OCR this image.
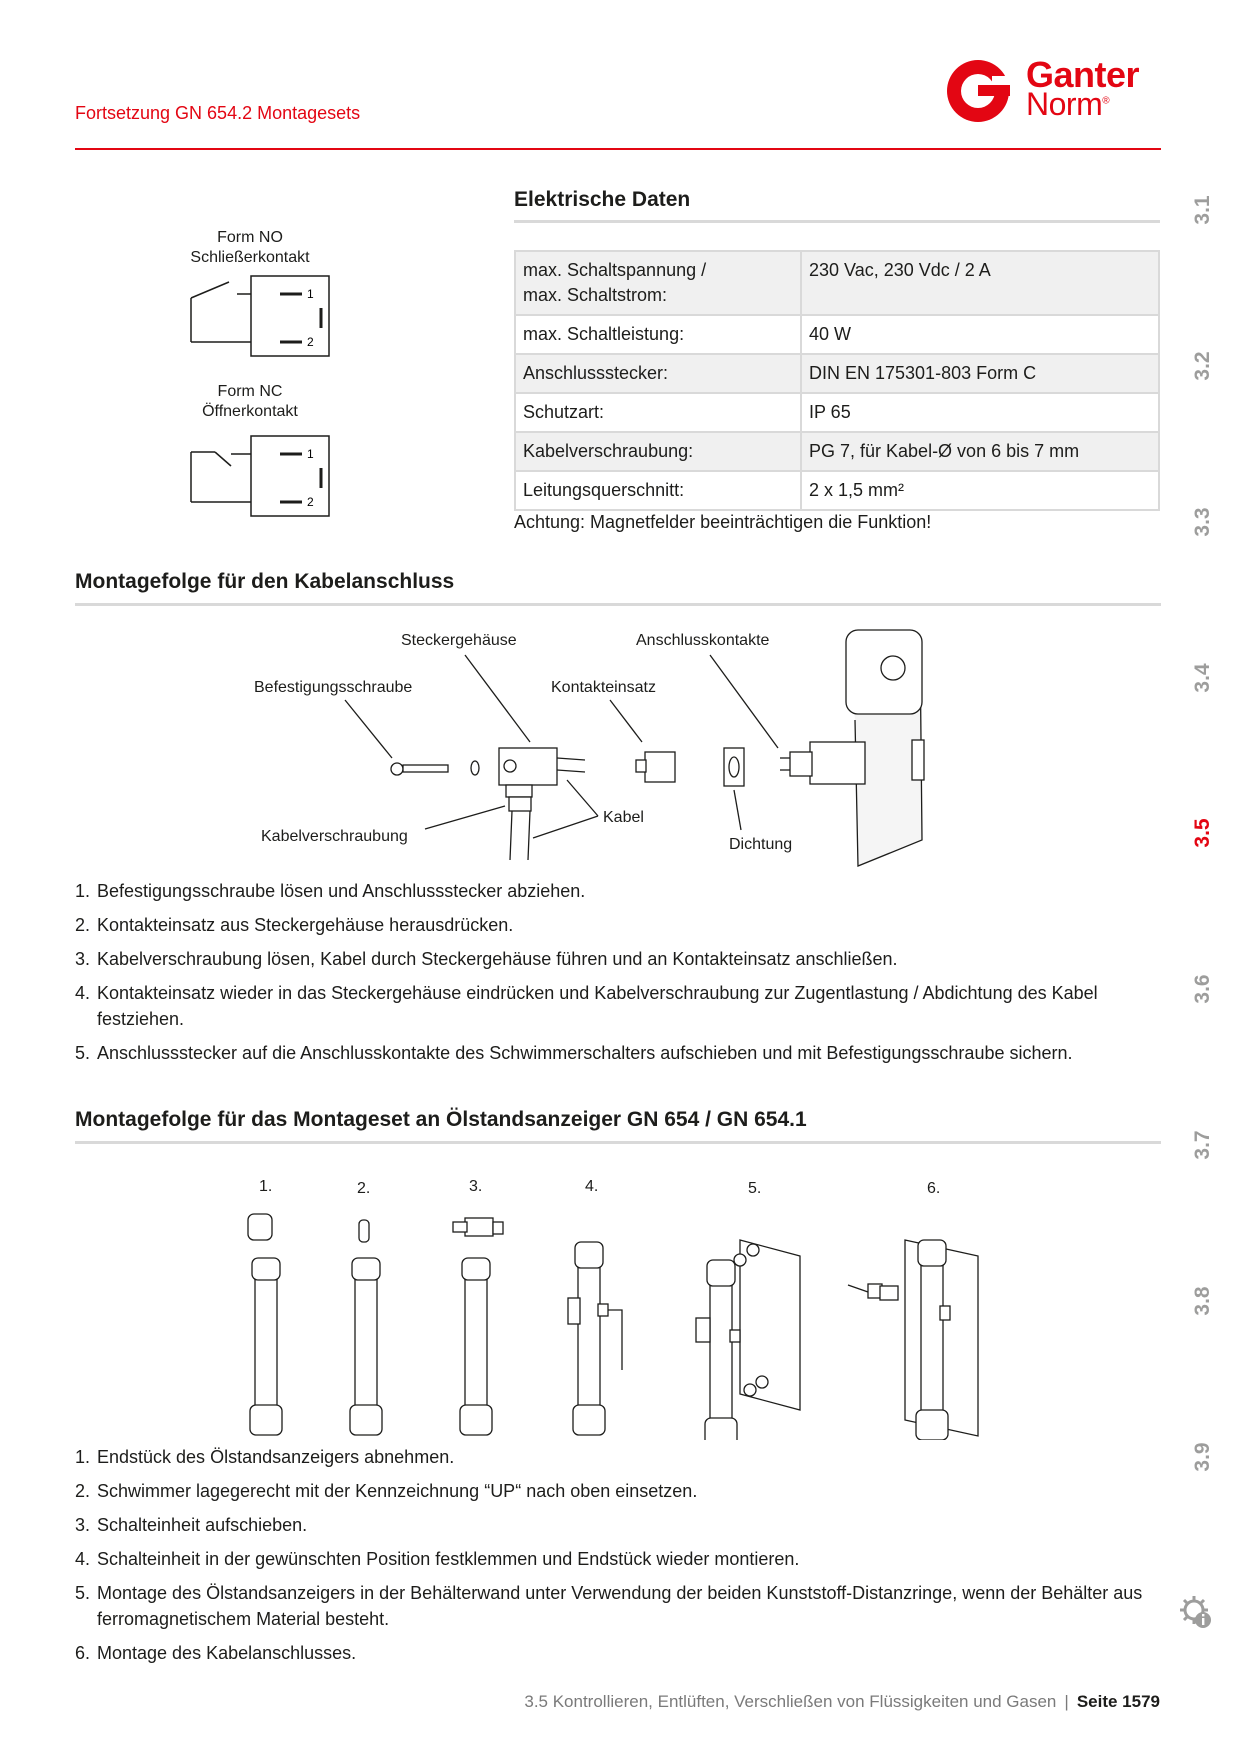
Fortsetzung GN 654.2 Montagesets
Ganter
Norm®
Form NO
Schließerkontakt
1
2
Form NC
Öffnerkontakt
1
2
Elektrische Daten
max. Schaltspannung /
max. Schaltstrom:	230 Vac, 230 Vdc / 2 A
max. Schaltleistung:	40 W
Anschlussstecker:	DIN EN 175301-803 Form C
Schutzart:	IP 65
Kabelverschraubung:	PG 7, für Kabel-Ø von 6 bis 7 mm
Leitungsquerschnitt:	2 x 1,5 mm²
Achtung: Magnetfelder beeinträchtigen die Funktion!
Montagefolge für den Kabelanschluss
Steckergehäuse	Anschlusskontakte
Befestigungsschraube	Kontakteinsatz
Kabel
Kabelverschraubung	Dichtung
1. Befestigungsschraube lösen und Anschlussstecker abziehen.
2. Kontakteinsatz aus Steckergehäuse herausdrücken.
3. Kabelverschraubung lösen, Kabel durch Steckergehäuse führen und an Kontakteinsatz anschließen.
4. Kontakteinsatz wieder in das Steckergehäuse eindrücken und Kabelverschraubung zur Zugentlastung / Abdichtung des Kabel festziehen.
5. Anschlussstecker auf die Anschlusskontakte des Schwimmerschalters aufschieben und mit Befestigungsschraube sichern.
Montagefolge für das Montageset an Ölstandsanzeiger GN 654 / GN 654.1
1.	2.	3.	4.	5.	6.
1. Endstück des Ölstandsanzeigers abnehmen.
2. Schwimmer lagegerecht mit der Kennzeichnung “UP“ nach oben einsetzen.
3. Schalteinheit aufschieben.
4. Schalteinheit in der gewünschten Position festklemmen und Endstück wieder montieren.
5. Montage des Ölstandsanzeigers in der Behälterwand unter Verwendung der beiden Kunststoff-Distanzringe, wenn der Behälter aus ferromagnetischem Material besteht.
6. Montage des Kabelanschlusses.
3.1
3.2
3.3
3.4
3.5
3.6
3.7
3.8
3.9
3.5 Kontrollieren, Entlüften, Verschließen von Flüssigkeiten und Gasen | Seite 1579
